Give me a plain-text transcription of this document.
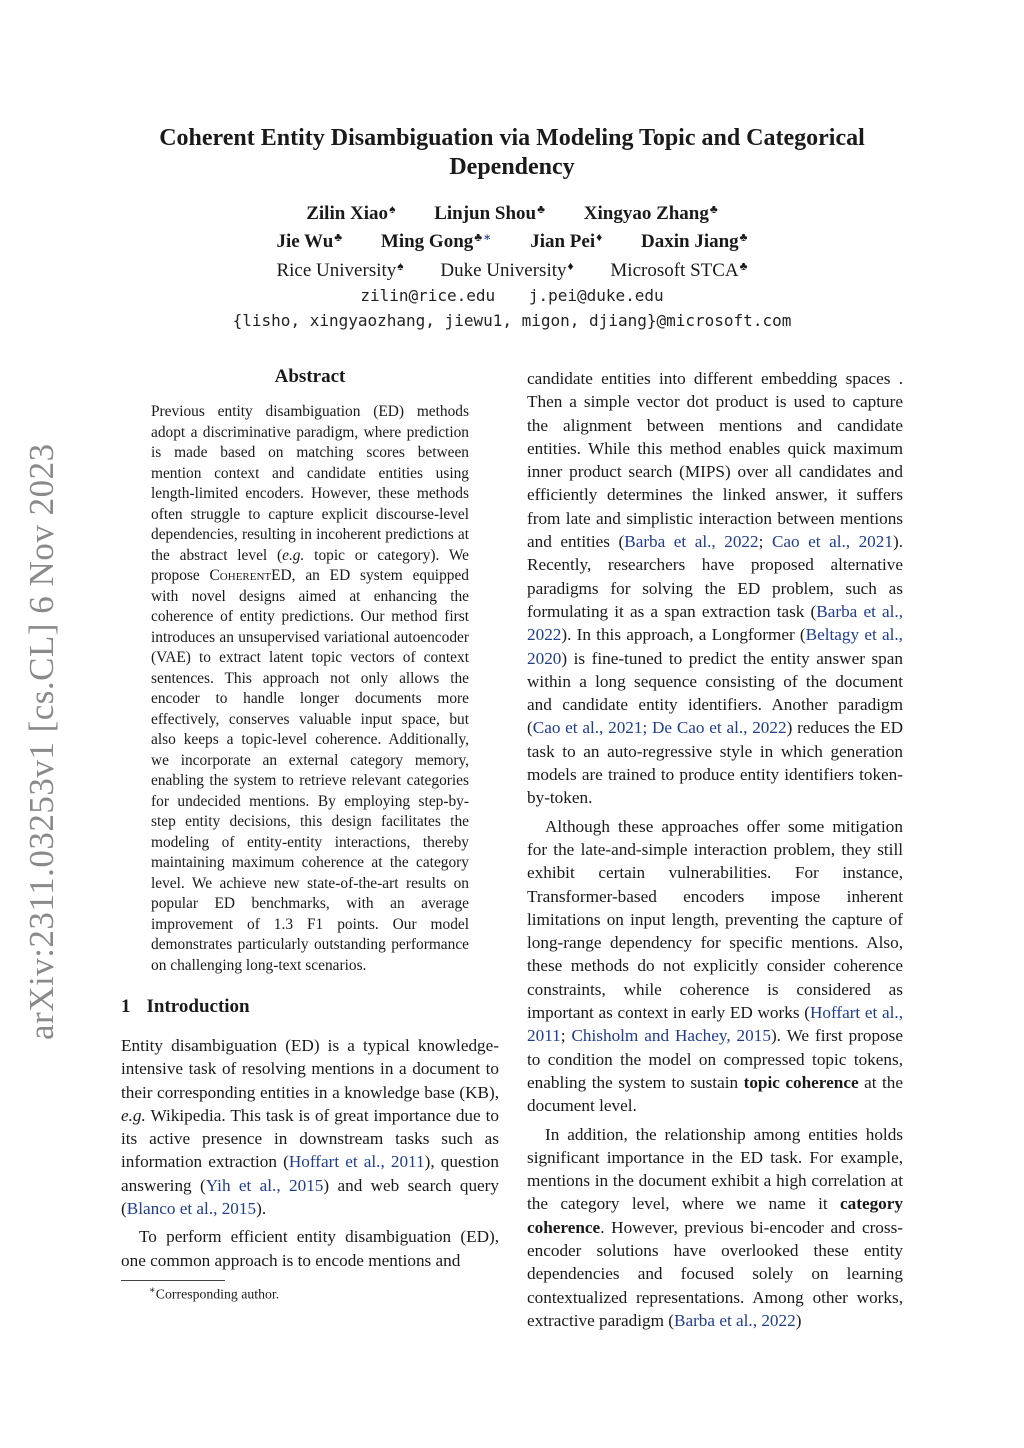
arXiv:2311.03253v1 [cs.CL] 6 Nov 2023
Coherent Entity Disambiguation via Modeling Topic and Categorical
Dependency
Zilin Xiao♠ Linjun Shou♣ Xingyao Zhang♣
Jie Wu♣ Ming Gong♣∗ Jian Pei♦ Daxin Jiang♣
Rice University♠ Duke University♦ Microsoft STCA♣
zilin@rice.edu j.pei@duke.edu
{lisho, xingyaozhang, jiewu1, migon, djiang}@microsoft.com
Abstract
Previous entity disambiguation (ED) methods adopt a discriminative paradigm, where prediction is made based on matching scores between mention context and candidate entities using length-limited encoders. However, these methods often struggle to capture explicit discourse-level dependencies, resulting in incoherent predictions at the abstract level (e.g. topic or category). We propose CoherentED, an ED system equipped with novel designs aimed at enhancing the coherence of entity predictions. Our method first introduces an unsupervised variational autoencoder (VAE) to extract latent topic vectors of context sentences. This approach not only allows the encoder to handle longer documents more effectively, conserves valuable input space, but also keeps a topic-level coherence. Additionally, we incorporate an external category memory, enabling the system to retrieve relevant categories for undecided mentions. By employing step-by-step entity decisions, this design facilitates the modeling of entity-entity interactions, thereby maintaining maximum coherence at the category level. We achieve new state-of-the-art results on popular ED benchmarks, with an average improvement of 1.3 F1 points. Our model demonstrates particularly outstanding performance on challenging long-text scenarios.
1 Introduction

Entity disambiguation (ED) is a typical knowledge-intensive task of resolving mentions in a document to their corresponding entities in a knowledge base (KB), e.g. Wikipedia. This task is of great importance due to its active presence in downstream tasks such as information extraction (Hoffart et al., 2011), question answering (Yih et al., 2015) and web search query (Blanco et al., 2015).

To perform efficient entity disambiguation (ED), one common approach is to encode mentions and

∗Corresponding author.

candidate entities into different embedding spaces . Then a simple vector dot product is used to capture the alignment between mentions and candidate entities. While this method enables quick maximum inner product search (MIPS) over all candidates and efficiently determines the linked answer, it suffers from late and simplistic interaction between mentions and entities (Barba et al., 2022; Cao et al., 2021). Recently, researchers have proposed alternative paradigms for solving the ED problem, such as formulating it as a span extraction task (Barba et al., 2022). In this approach, a Longformer (Beltagy et al., 2020) is fine-tuned to predict the entity answer span within a long sequence consisting of the document and candidate entity identifiers. Another paradigm (Cao et al., 2021; De Cao et al., 2022) reduces the ED task to an auto-regressive style in which generation models are trained to produce entity identifiers token-by-token.

Although these approaches offer some mitigation for the late-and-simple interaction problem, they still exhibit certain vulnerabilities. For instance, Transformer-based encoders impose inherent limitations on input length, preventing the capture of long-range dependency for specific mentions. Also, these methods do not explicitly consider coherence constraints, while coherence is considered as important as context in early ED works (Hoffart et al., 2011; Chisholm and Hachey, 2015). We first propose to condition the model on compressed topic tokens, enabling the system to sustain topic coherence at the document level.

In addition, the relationship among entities holds significant importance in the ED task. For example, mentions in the document exhibit a high correlation at the category level, where we name it category coherence. However, previous bi-encoder and cross-encoder solutions have overlooked these entity dependencies and focused solely on learning contextualized representations. Among other works, extractive paradigm (Barba et al., 2022)
